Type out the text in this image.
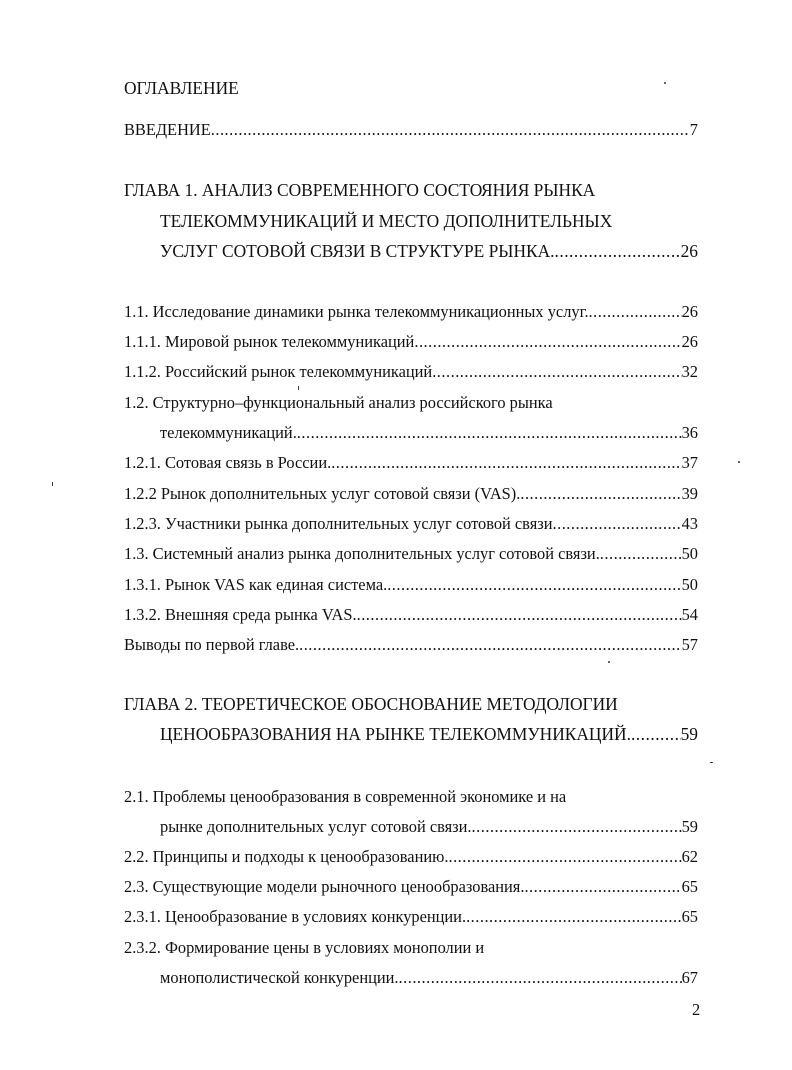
ОГЛАВЛЕНИЕ
ВВЕДЕНИЕ .....	7
ГЛАВА 1. АНАЛИЗ СОВРЕМЕННОГО СОСТОЯНИЯ РЫНКА
ТЕЛЕКОММУНИКАЦИЙ И МЕСТО ДОПОЛНИТЕЛЬНЫХ
УСЛУГ СОТОВОЙ СВЯЗИ В СТРУКТУРЕ РЫНКА. .....	26
1.1. Исследование динамики рынка телекоммуникационных услуг. .....	26
1.1.1. Мировой рынок телекоммуникаций .....	26
1.1.2. Российский рынок телекоммуникаций .....	32
1.2. Структурно–функциональный анализ российского рынка
телекоммуникаций. .....	36
1.2.1. Сотовая связь в России. .....	37
1.2.2 Рынок дополнительных услуг сотовой связи (VAS). .....	39
1.2.3. Участники рынка дополнительных услуг сотовой связи .....	43
1.3. Системный анализ рынка дополнительных услуг сотовой связи. .....	50
1.3.1. Рынок VAS как единая система. .....	50
1.3.2. Внешняя среда рынка VAS. .....	54
Выводы по первой главе. .....	57
ГЛАВА 2. ТЕОРЕТИЧЕСКОЕ ОБОСНОВАНИЕ МЕТОДОЛОГИИ
ЦЕНООБРАЗОВАНИЯ НА РЫНКЕ ТЕЛЕКОММУНИКАЦИЙ. .....	59
2.1. Проблемы ценообразования в современной экономике и на
рынке дополнительных услуг сотовой связи. .....	59
2.2. Принципы и подходы к ценообразованию. .....	62
2.3. Существующие модели рыночного ценообразования. .....	65
2.3.1. Ценообразование в условиях конкуренции. .....	65
2.3.2. Формирование цены в условиях монополии и
монополистической конкуренции. .....	67
2
